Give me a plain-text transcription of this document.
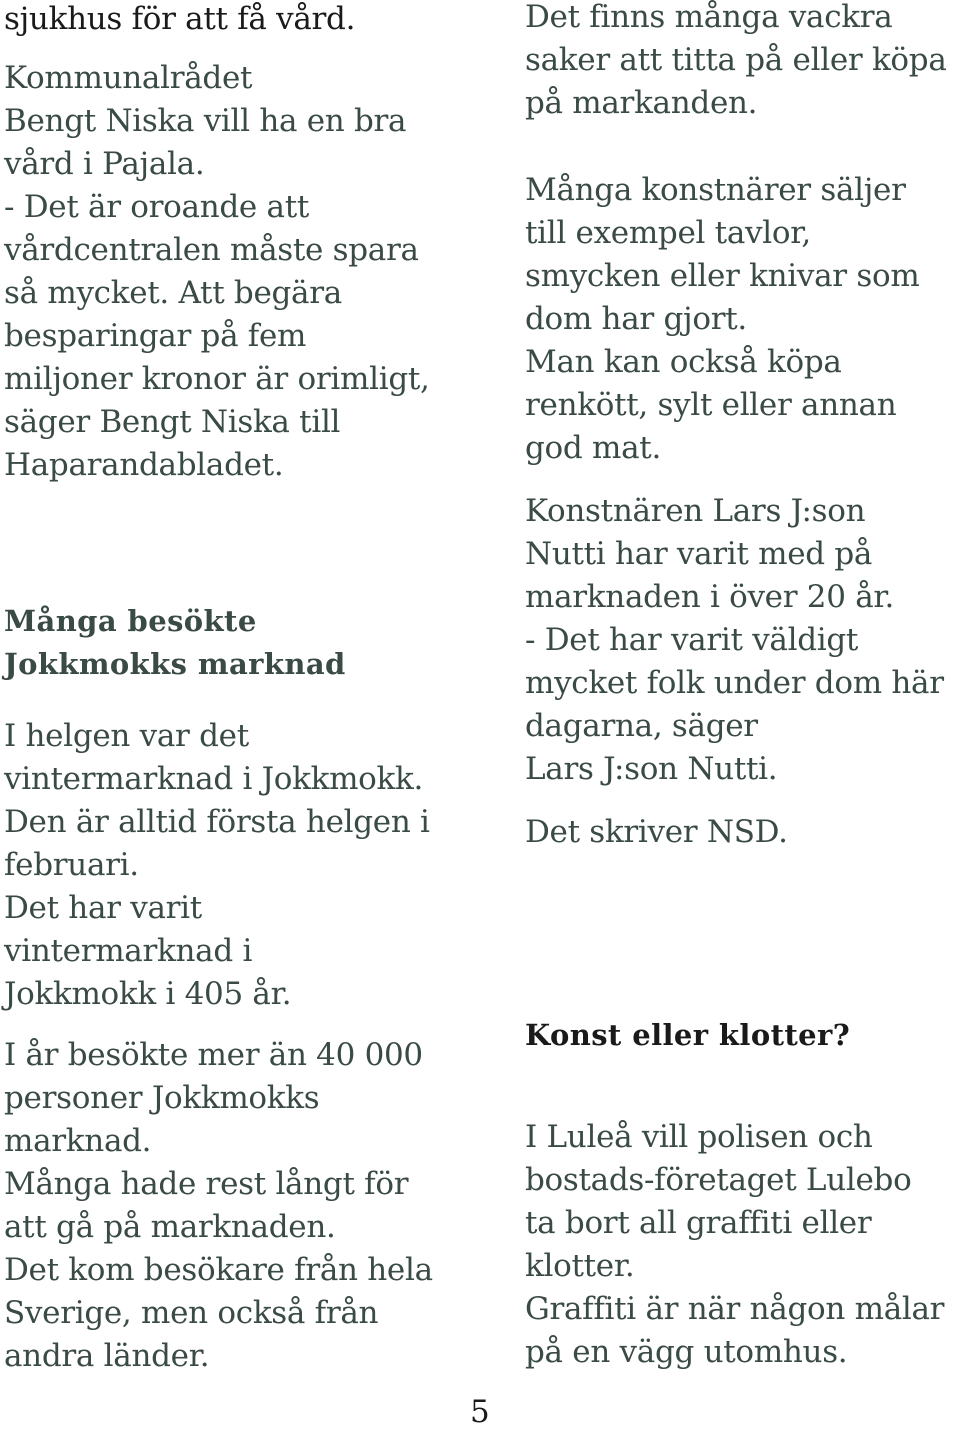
sjukhus för att få vård.
Kommunalrådet
Bengt Niska vill ha en bra
vård i Pajala.
- Det är oroande att
vårdcentralen måste spara
så mycket. Att begära
besparingar på fem
miljoner kronor är orimligt,
säger Bengt Niska till
Haparandabladet.
Många besökte
Jokkmokks marknad
I helgen var det
vintermarknad i Jokkmokk.
Den är alltid första helgen i
februari.
Det har varit
vintermarknad i
Jokkmokk i 405 år.
I år besökte mer än 40 000
personer Jokkmokks
marknad.
Många hade rest långt för
att gå på marknaden.
Det kom besökare från hela
Sverige, men också från
andra länder.
5
Det finns många vackra
saker att titta på eller köpa
på markanden.
Många konstnärer säljer
till exempel tavlor,
smycken eller knivar som
dom har gjort.
Man kan också köpa
renkött, sylt eller annan
god mat.
Konstnären Lars J:son
Nutti har varit med på
marknaden i över 20 år.
- Det har varit väldigt
mycket folk under dom här
dagarna, säger
Lars J:son Nutti.
Det skriver NSD.
Konst eller klotter?
I Luleå vill polisen och
bostads-företaget Lulebo
ta bort all graffiti eller
klotter.
Graffiti är när någon målar
på en vägg utomhus.
